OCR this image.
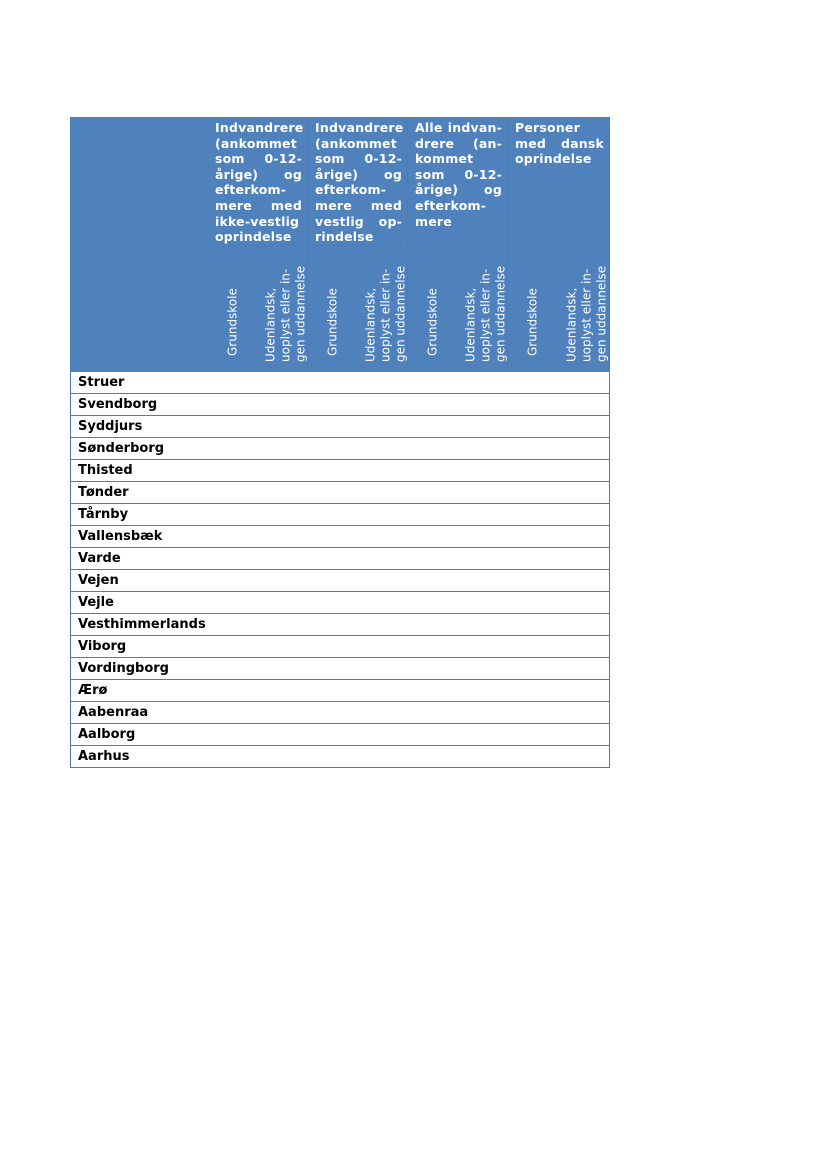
	Indvandrere (ankommet som 0-12-årige) og efterkom-mere med ikke-vestlig oprindelse		Indvandrere (ankommet som 0-12-årige) og efterkom-mere med vestlig op-rindelse		Alle indvan-drere (an-kommet som 0-12-årige) og efterkom-mere		Personer med dansk oprindelse	

	Grundskole	Udenlandsk, uoplyst eller in- gen uddannelse	Grundskole	Udenlandsk, uoplyst eller in- gen uddannelse	Grundskole	Udenlandsk, uoplyst eller in- gen uddannelse	Grundskole	Udenlandsk, uoplyst eller in- gen uddannelse

Struer								
Svendborg								
Syddjurs								
Sønderborg								
Thisted								
Tønder								
Tårnby								
Vallensbæk								
Varde								
Vejen								
Vejle								
Vesthimmerlands								
Viborg								
Vordingborg								
Ærø								
Aabenraa								
Aalborg								
Aarhus								
